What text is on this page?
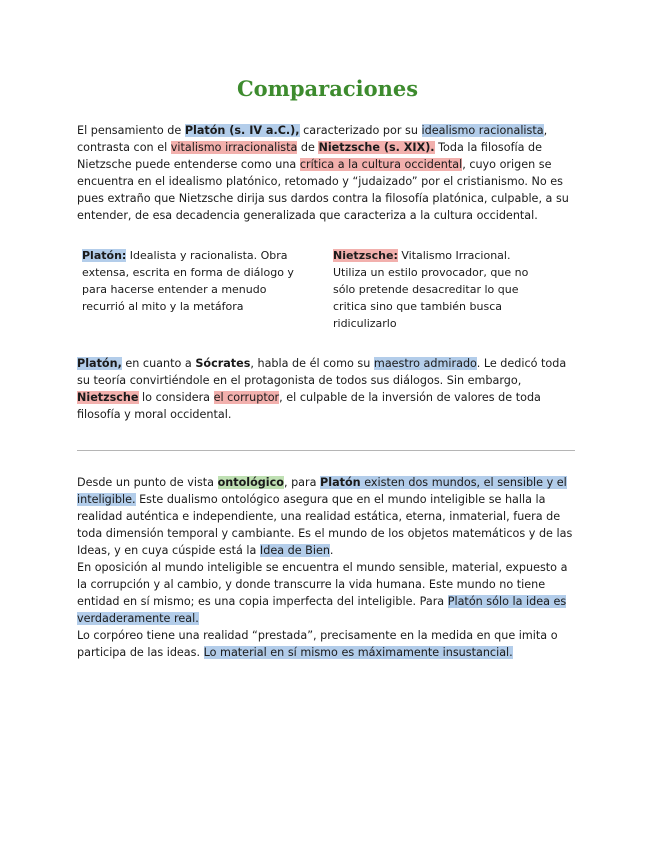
Comparaciones

El pensamiento de Platón (s. IV a.C.), caracterizado por su idealismo racionalista, contrasta con el vitalismo irracionalista de Nietzsche (s. XIX). Toda la filosofía de Nietzsche puede entenderse como una crítica a la cultura occidental, cuyo origen se encuentra en el idealismo platónico, retomado y “judaizado” por el cristianismo. No es pues extraño que Nietzsche dirija sus dardos contra la filosofía platónica, culpable, a su entender, de esa decadencia generalizada que caracteriza a la cultura occidental.

Platón: Idealista y racionalista. Obra extensa, escrita en forma de diálogo y para hacerse entender a menudo recurrió al mito y la metáfora

Nietzsche: Vitalismo Irracional. Utiliza un estilo provocador, que no sólo pretende desacreditar lo que critica sino que también busca ridiculizarlo

Platón, en cuanto a Sócrates, habla de él como su maestro admirado. Le dedicó toda su teoría convirtiéndole en el protagonista de todos sus diálogos. Sin embargo, Nietzsche lo considera el corruptor, el culpable de la inversión de valores de toda filosofía y moral occidental.

Desde un punto de vista ontológico, para Platón existen dos mundos, el sensible y el inteligible. Este dualismo ontológico asegura que en el mundo inteligible se halla la realidad auténtica e independiente, una realidad estática, eterna, inmaterial, fuera de toda dimensión temporal y cambiante. Es el mundo de los objetos matemáticos y de las Ideas, y en cuya cúspide está la Idea de Bien.
En oposición al mundo inteligible se encuentra el mundo sensible, material, expuesto a la corrupción y al cambio, y donde transcurre la vida humana. Este mundo no tiene entidad en sí mismo; es una copia imperfecta del inteligible. Para Platón sólo la idea es verdaderamente real.
Lo corpóreo tiene una realidad “prestada”, precisamente en la medida en que imita o participa de las ideas. Lo material en sí mismo es máximamente insustancial.
